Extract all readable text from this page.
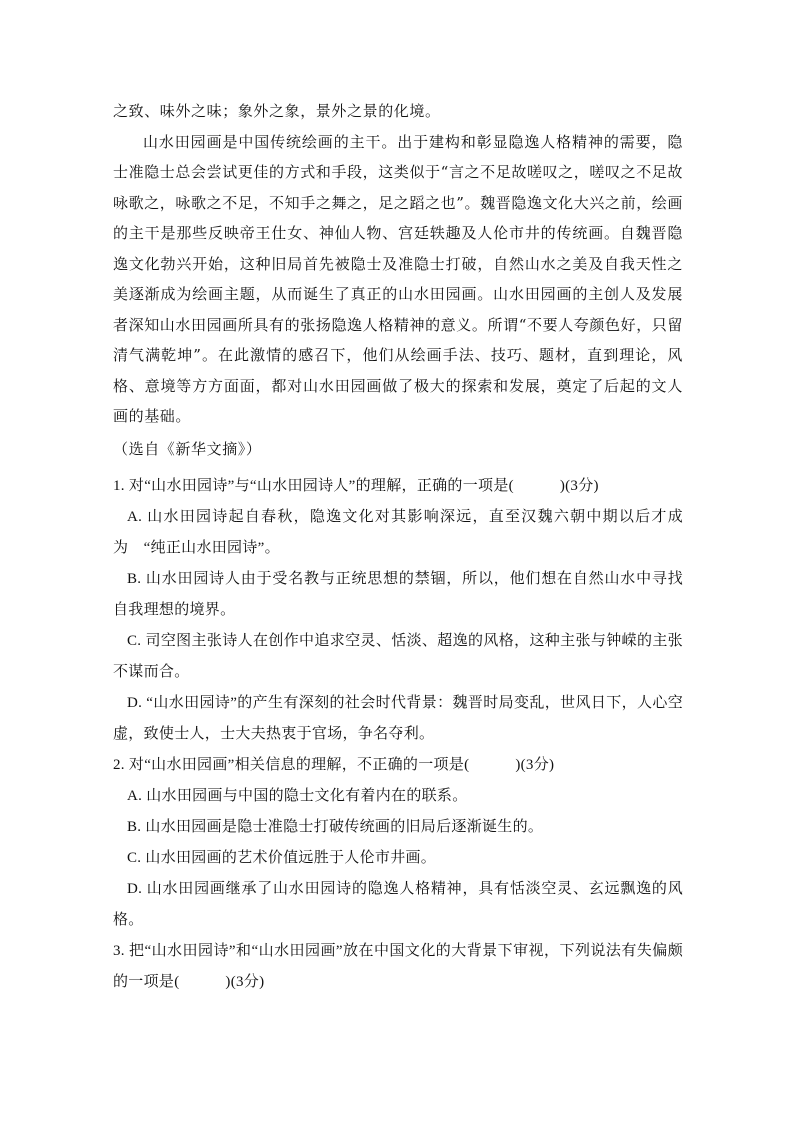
之致、味外之味；象外之象，景外之景的化境。

山水田园画是中国传统绘画的主干。出于建构和彰显隐逸人格精神的需要，隐士准隐士总会尝试更佳的方式和手段，这类似于“言之不足故嗟叹之，嗟叹之不足故咏歌之，咏歌之不足，不知手之舞之，足之蹈之也”。魏晋隐逸文化大兴之前，绘画的主干是那些反映帝王仕女、神仙人物、宫廷轶趣及人伦市井的传统画。自魏晋隐逸文化勃兴开始，这种旧局首先被隐士及准隐士打破，自然山水之美及自我天性之美逐渐成为绘画主题，从而诞生了真正的山水田园画。山水田园画的主创人及发展者深知山水田园画所具有的张扬隐逸人格精神的意义。所谓“不要人夸颜色好，只留清气满乾坤”。在此激情的感召下，他们从绘画手法、技巧、题材，直到理论，风格、意境等方方面面，都对山水田园画做了极大的探索和发展，奠定了后起的文人画的基础。

（选自《新华文摘》）

1. 对“山水田园诗”与“山水田园诗人”的理解，正确的一项是(　　　)(3分)

A. 山水田园诗起自春秋，隐逸文化对其影响深远，直至汉魏六朝中期以后才成为　“纯正山水田园诗”。

B. 山水田园诗人由于受名教与正统思想的禁锢，所以，他们想在自然山水中寻找　　自我理想的境界。

C. 司空图主张诗人在创作中追求空灵、恬淡、超逸的风格，这种主张与钟嵘的主张不谋而合。

D. “山水田园诗”的产生有深刻的社会时代背景：魏晋时局变乱，世风日下，人心空虚，致使士人，士大夫热衷于官场，争名夺利。

2. 对“山水田园画”相关信息的理解，不正确的一项是(　　　)(3分)

A. 山水田园画与中国的隐士文化有着内在的联系。

B. 山水田园画是隐士准隐士打破传统画的旧局后逐渐诞生的。

C. 山水田园画的艺术价值远胜于人伦市井画。

D. 山水田园画继承了山水田园诗的隐逸人格精神，具有恬淡空灵、玄远飘逸的风格。

3. 把“山水田园诗”和“山水田园画”放在中国文化的大背景下审视，下列说法有失偏颇的一项是(　　　)(3分)
